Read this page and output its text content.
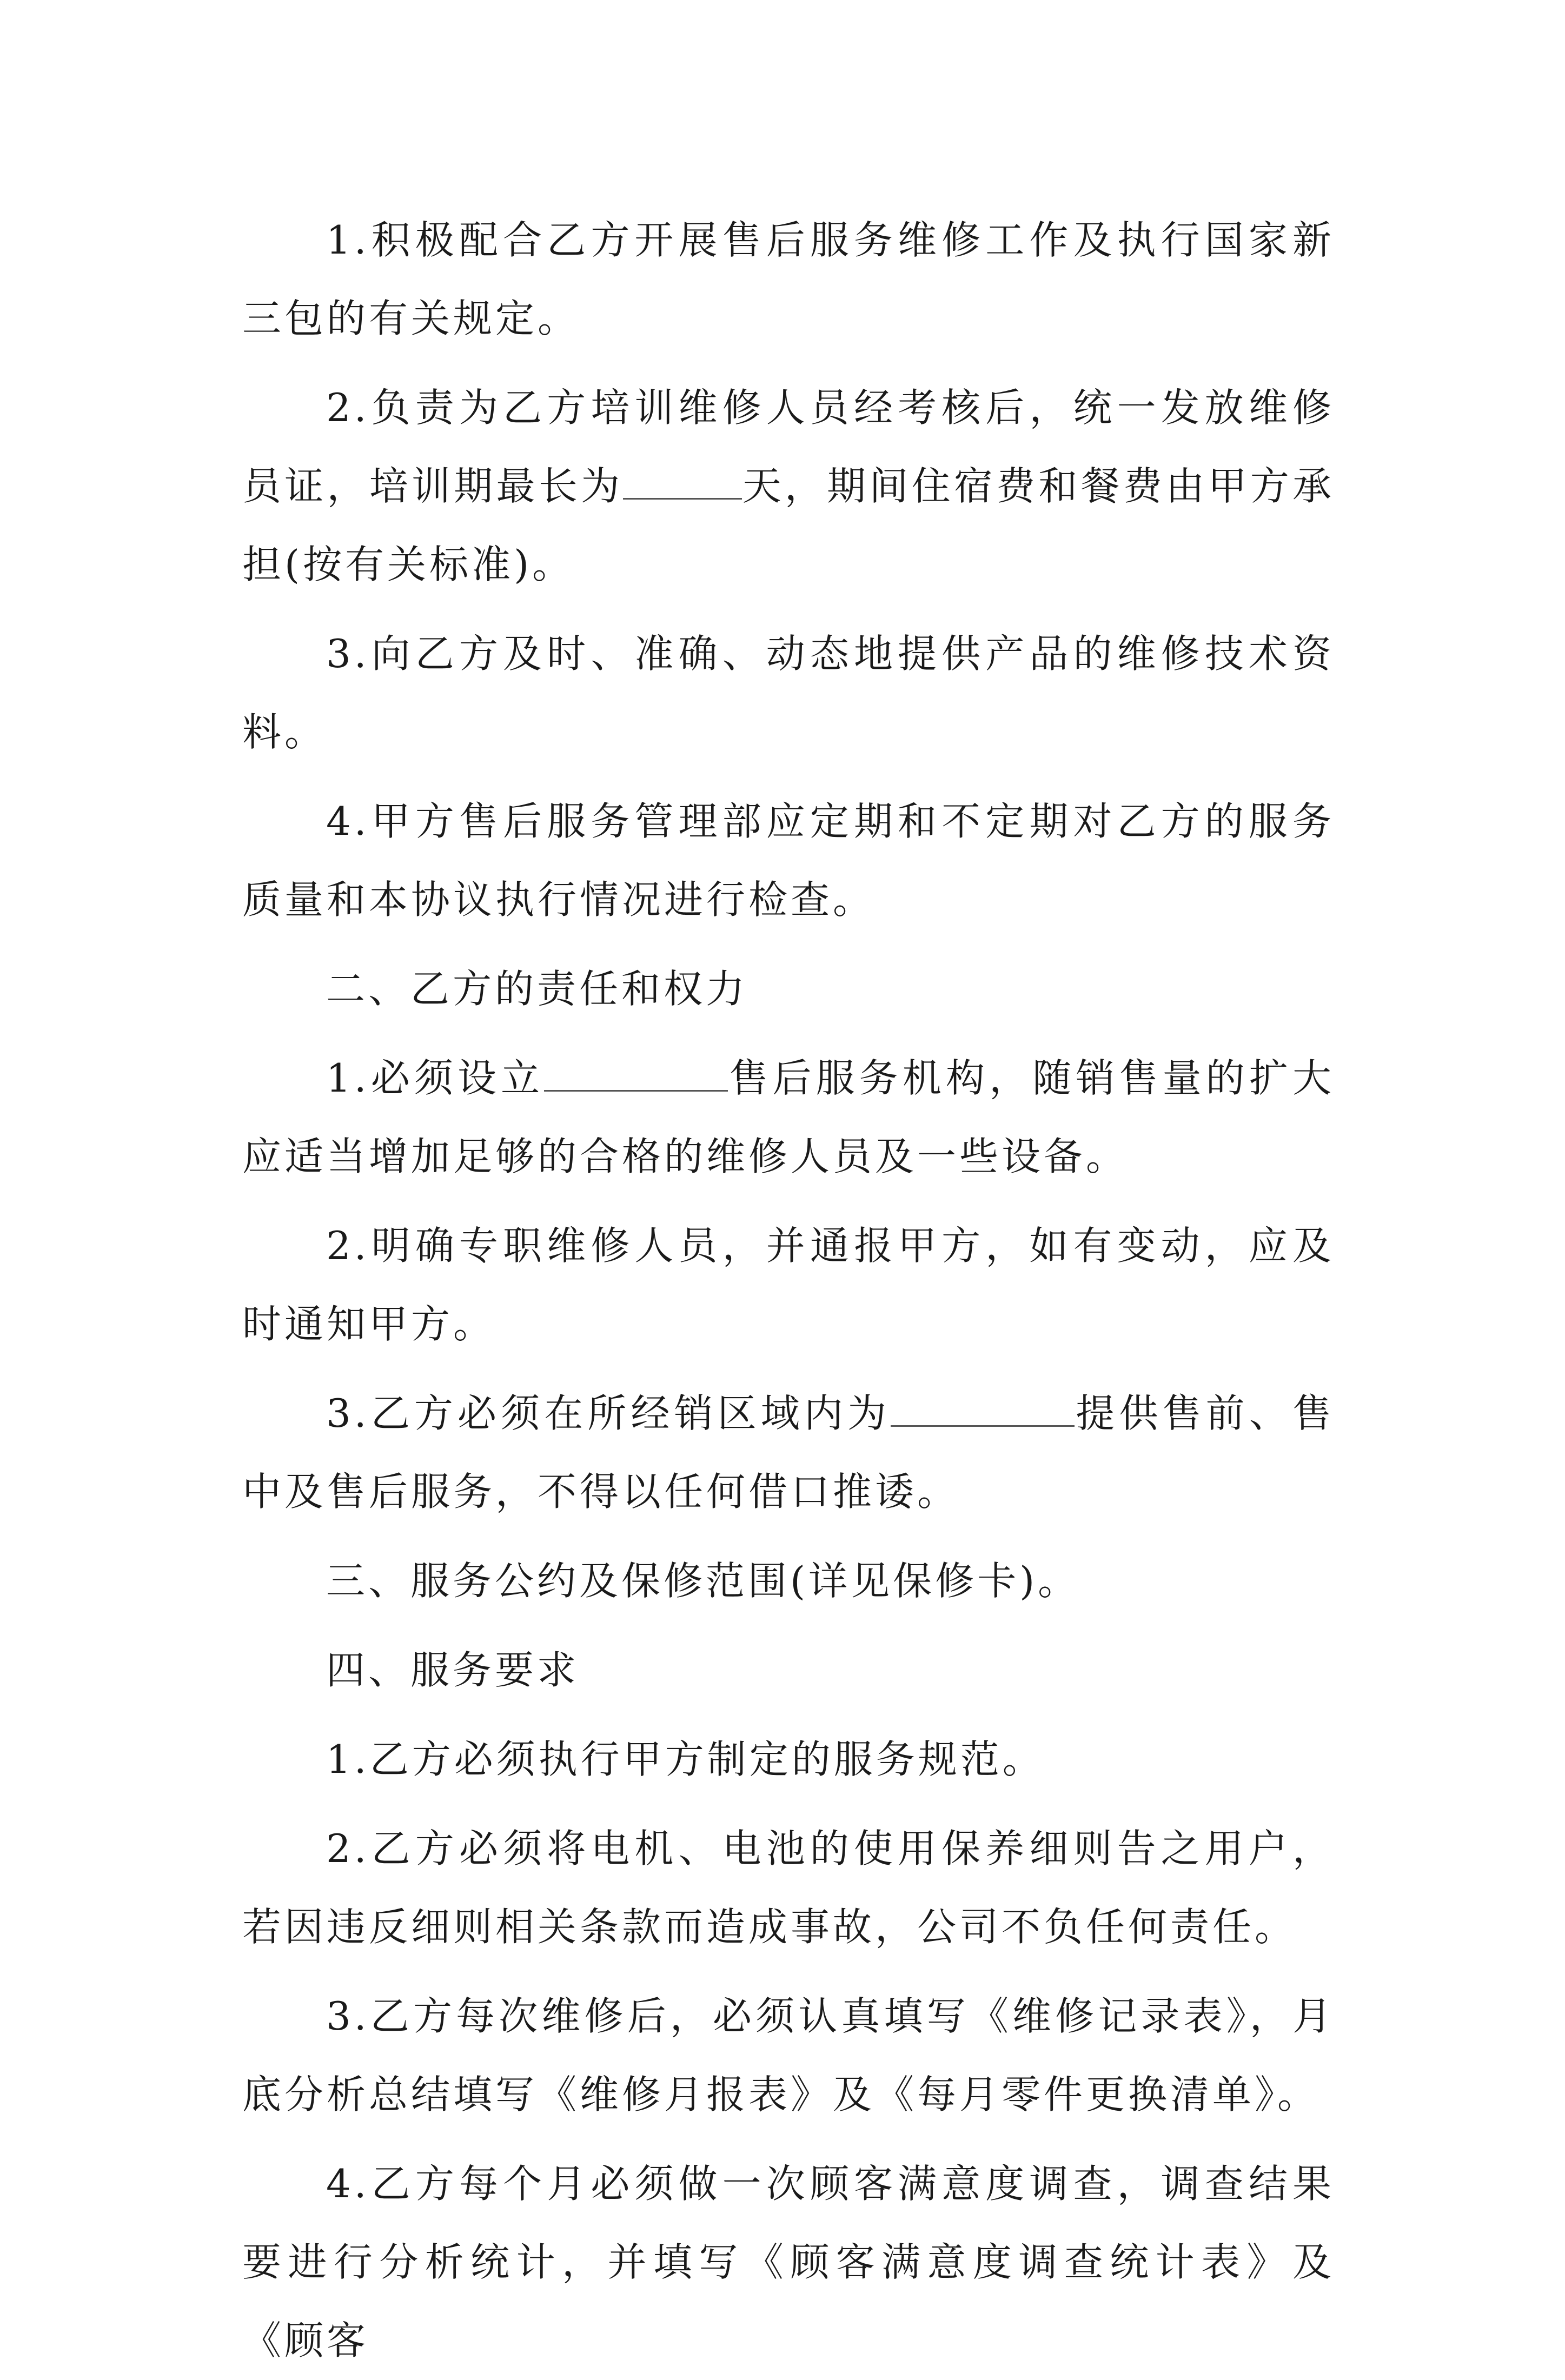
1.积极配合乙方开展售后服务维修工作及执行国家新三包的有关规定。

2.负责为乙方培训维修人员经考核后，统一发放维修员证，培训期最长为	天，期间住宿费和餐费由甲方承担(按有关标准)。

3.向乙方及时、准确、动态地提供产品的维修技术资料。

4.甲方售后服务管理部应定期和不定期对乙方的服务质量和本协议执行情况进行检查。

二、乙方的责任和权力

1.必须设立	售后服务机构，随销售量的扩大应适当增加足够的合格的维修人员及一些设备。

2.明确专职维修人员，并通报甲方，如有变动，应及时通知甲方。

3.乙方必须在所经销区域内为	提供售前、售中及售后服务，不得以任何借口推诿。

三、服务公约及保修范围(详见保修卡)。

四、服务要求

1.乙方必须执行甲方制定的服务规范。

2.乙方必须将电机、电池的使用保养细则告之用户，若因违反细则相关条款而造成事故，公司不负任何责任。

3.乙方每次维修后，必须认真填写《维修记录表》，月底分析总结填写《维修月报表》及《每月零件更换清单》。

4.乙方每个月必须做一次顾客满意度调查，调查结果要进行分析统计，并填写《顾客满意度调查统计表》及《顾客
